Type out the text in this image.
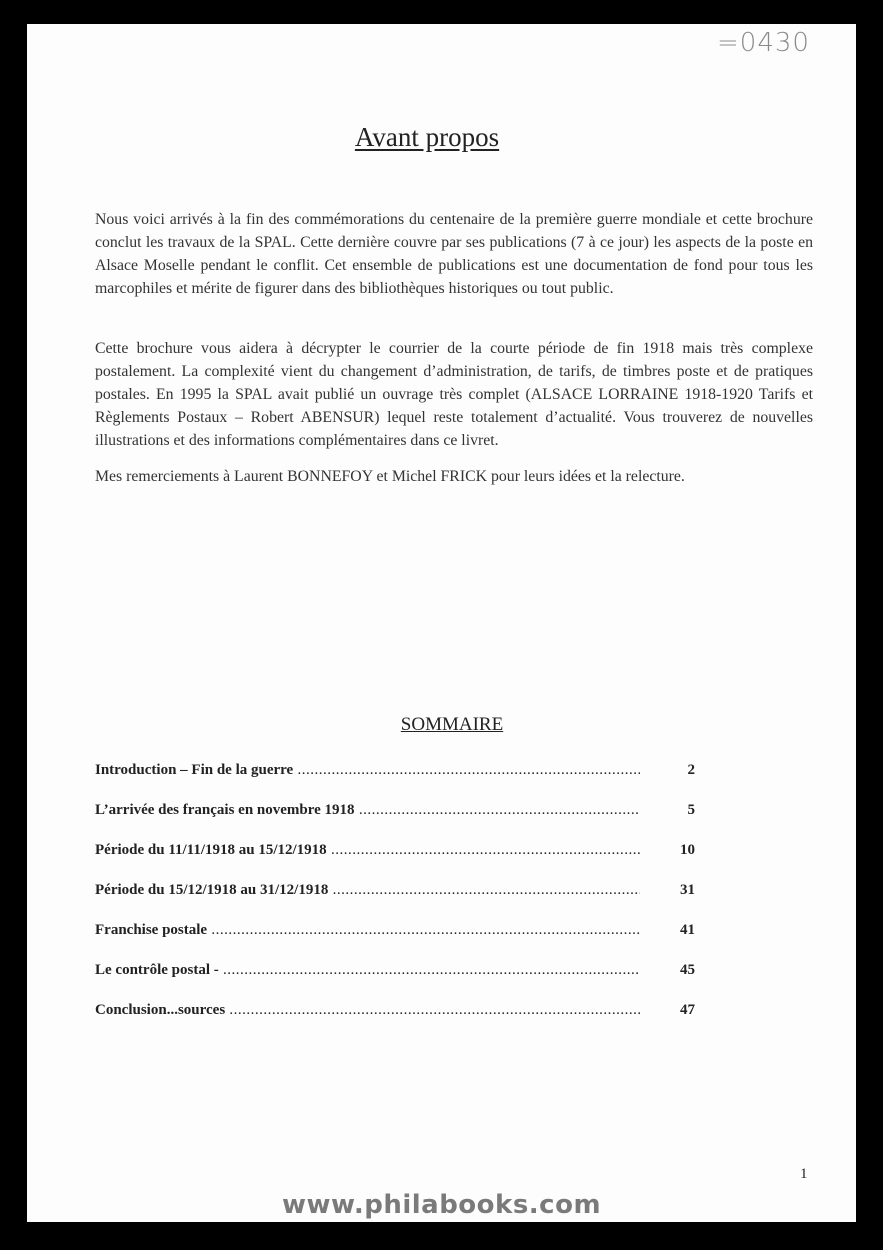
=0430
Avant propos

Nous voici arrivés à la fin des commémorations du centenaire de la première guerre mondiale et cette brochure conclut les travaux de la SPAL. Cette dernière couvre par ses publications (7 à ce jour) les aspects de la poste en Alsace Moselle pendant le conflit. Cet ensemble de publications est une documentation de fond pour tous les marcophiles et mérite de figurer dans des bibliothèques historiques ou tout public.

Cette brochure vous aidera à décrypter le courrier de la courte période de fin 1918 mais très complexe postalement. La complexité vient du changement d’administration, de tarifs, de timbres poste et de pratiques postales. En 1995 la SPAL avait publié un ouvrage très complet (ALSACE LORRAINE 1918-1920 Tarifs et Règlements Postaux – Robert ABENSUR) lequel reste totalement d’actualité. Vous trouverez de nouvelles illustrations et des informations complémentaires dans ce livret.

Mes remerciements à Laurent BONNEFOY et Michel FRICK pour leurs idées et la relecture.

SOMMAIRE
Introduction – Fin de la guerre .....	2
L’arrivée des français en novembre 1918 .....	5
Période du 11/11/1918 au 15/12/1918 .....	10
Période du 15/12/1918 au 31/12/1918 .....	31
Franchise postale .....	41
Le contrôle postal - .....	45
Conclusion...sources .....	47
1
www.philabooks.com
